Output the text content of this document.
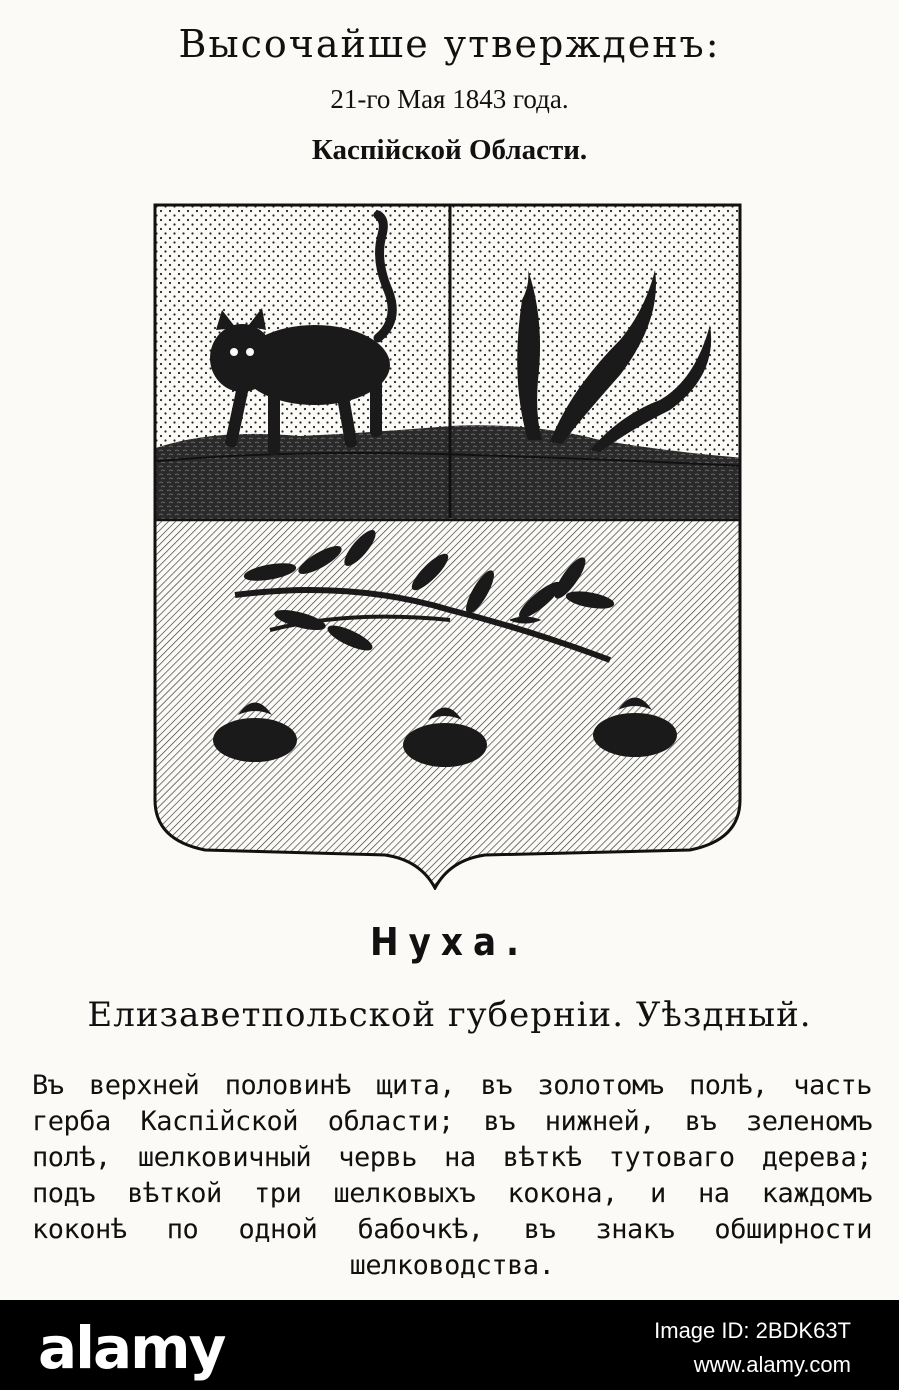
Высочайше утвержденъ:
21-го Мая 1843 года.
Каспiйской Области.
Нуха.
Елизаветпольской губернiи. Уѣздный.
Въ верхней половинѣ щита, въ золотомъ полѣ, часть
герба Каспiйской области; въ нижней, въ зеленомъ
полѣ, шелковичный червь на вѣткѣ тутоваго дерева;
подъ вѣткой три шелковыхъ кокона, и на каждомъ
коконѣ по одной бабочкѣ, въ знакъ обширности
шелководства.
alamy	Image ID: 2BDK63T
www.alamy.com
